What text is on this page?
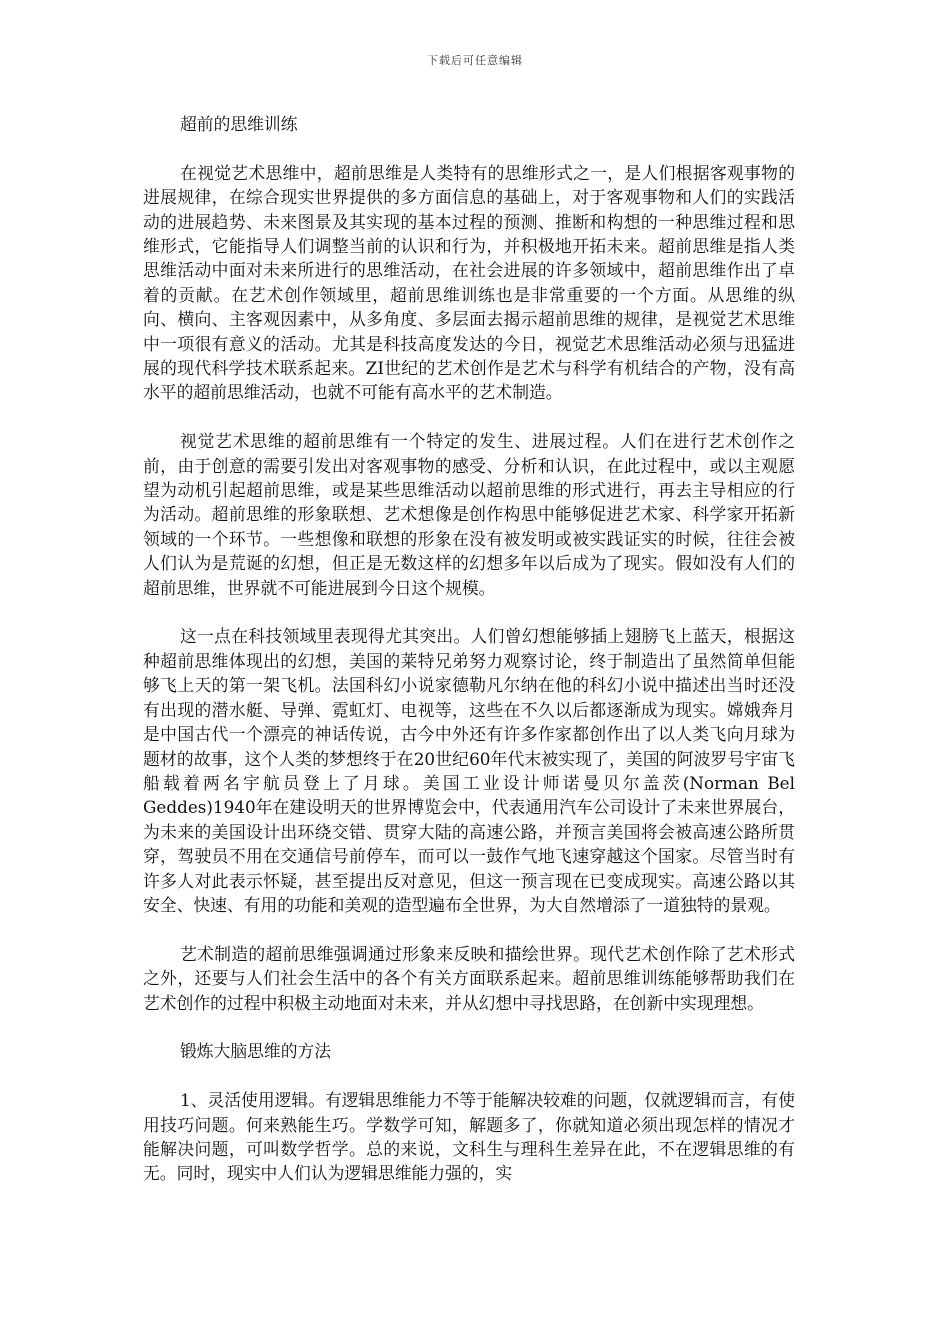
下载后可任意编辑

超前的思维训练

在视觉艺术思维中，超前思维是人类特有的思维形式之一，是人们根据客观事物的进展规律，在综合现实世界提供的多方面信息的基础上，对于客观事物和人们的实践活动的进展趋势、未来图景及其实现的基本过程的预测、推断和构想的一种思维过程和思维形式，它能指导人们调整当前的认识和行为，并积极地开拓未来。超前思维是指人类思维活动中面对未来所进行的思维活动，在社会进展的许多领域中，超前思维作出了卓着的贡献。在艺术创作领域里，超前思维训练也是非常重要的一个方面。从思维的纵向、横向、主客观因素中，从多角度、多层面去揭示超前思维的规律，是视觉艺术思维中一项很有意义的活动。尤其是科技高度发达的今日，视觉艺术思维活动必须与迅猛进展的现代科学技术联系起来。ZI世纪的艺术创作是艺术与科学有机结合的产物，没有高水平的超前思维活动，也就不可能有高水平的艺术制造。

视觉艺术思维的超前思维有一个特定的发生、进展过程。人们在进行艺术创作之前，由于创意的需要引发出对客观事物的感受、分析和认识，在此过程中，或以主观愿望为动机引起超前思维，或是某些思维活动以超前思维的形式进行，再去主导相应的行为活动。超前思维的形象联想、艺术想像是创作构思中能够促进艺术家、科学家开拓新领域的一个环节。一些想像和联想的形象在没有被发明或被实践证实的时候，往往会被人们认为是荒诞的幻想，但正是无数这样的幻想多年以后成为了现实。假如没有人们的超前思维，世界就不可能进展到今日这个规模。

这一点在科技领域里表现得尤其突出。人们曾幻想能够插上翅膀飞上蓝天，根据这种超前思维体现出的幻想，美国的莱特兄弟努力观察讨论，终于制造出了虽然简单但能够飞上天的第一架飞机。法国科幻小说家德勒凡尔纳在他的科幻小说中描述出当时还没有出现的潜水艇、导弹、霓虹灯、电视等，这些在不久以后都逐渐成为现实。嫦娥奔月是中国古代一个漂亮的神话传说，古今中外还有许多作家都创作出了以人类飞向月球为题材的故事，这个人类的梦想终于在20世纪60年代末被实现了，美国的阿波罗号宇宙飞船载着两名宇航员登上了月球。美国工业设计师诺曼贝尔盖茨(Norman Bel Geddes)1940年在建设明天的世界博览会中，代表通用汽车公司设计了未来世界展台，为未来的美国设计出环绕交错、贯穿大陆的高速公路，并预言美国将会被高速公路所贯穿，驾驶员不用在交通信号前停车，而可以一鼓作气地飞速穿越这个国家。尽管当时有许多人对此表示怀疑，甚至提出反对意见，但这一预言现在已变成现实。高速公路以其安全、快速、有用的功能和美观的造型遍布全世界，为大自然增添了一道独特的景观。

艺术制造的超前思维强调通过形象来反映和描绘世界。现代艺术创作除了艺术形式之外，还要与人们社会生活中的各个有关方面联系起来。超前思维训练能够帮助我们在艺术创作的过程中积极主动地面对未来，并从幻想中寻找思路，在创新中实现理想。

锻炼大脑思维的方法

1、灵活使用逻辑。有逻辑思维能力不等于能解决较难的问题，仅就逻辑而言，有使用技巧问题。何来熟能生巧。学数学可知，解题多了，你就知道必须出现怎样的情况才能解决问题，可叫数学哲学。总的来说，文科生与理科生差异在此，不在逻辑思维的有无。同时，现实中人们认为逻辑思维能力强的，实
